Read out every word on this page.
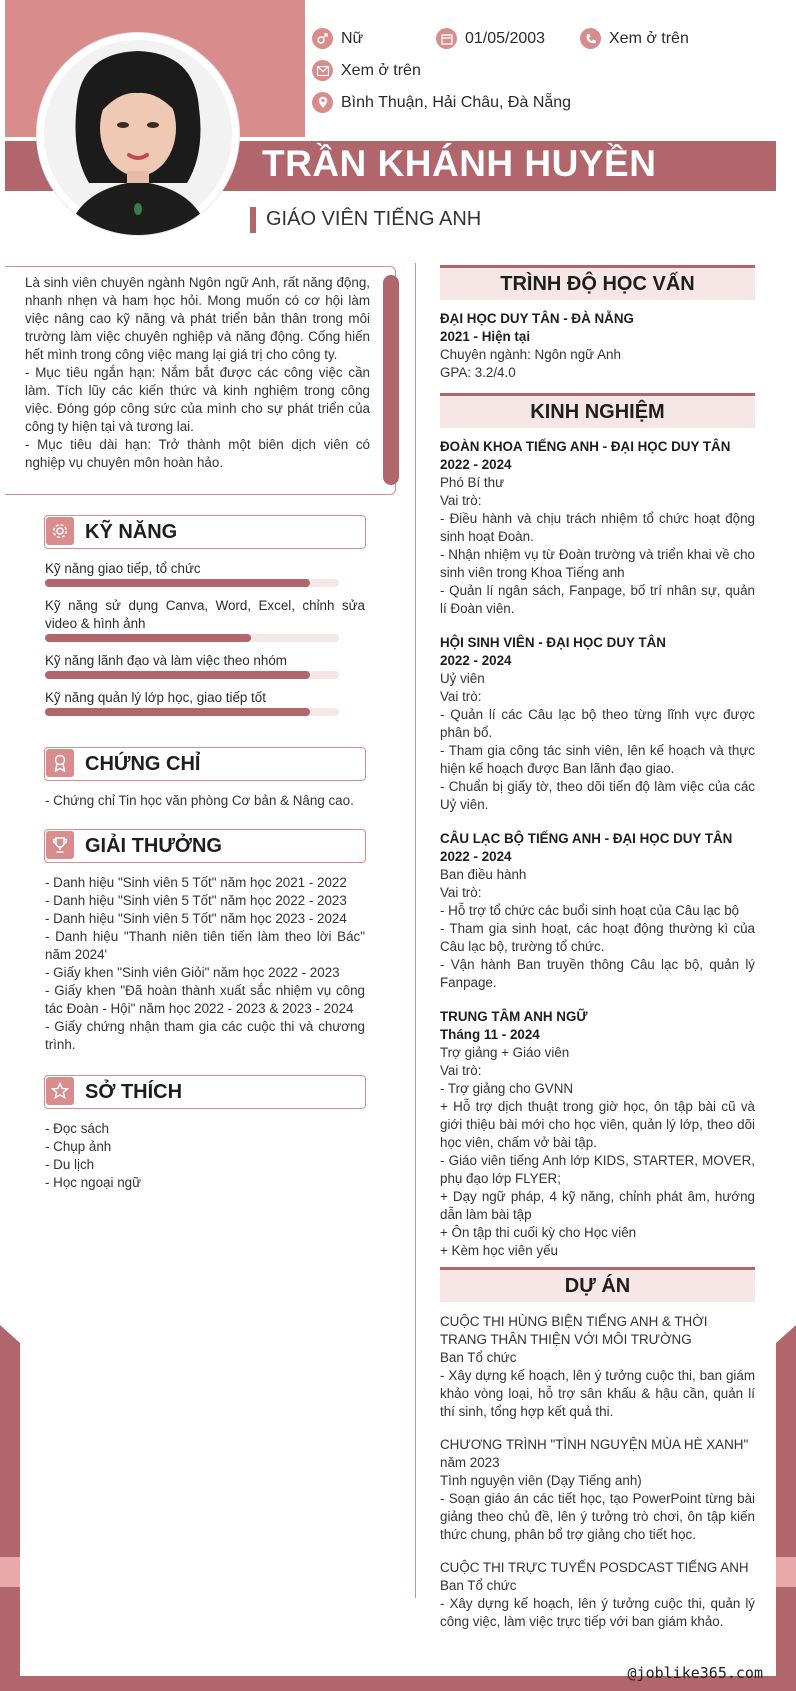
Nữ	01/05/2003	Xem ở trên
Xem ở trên
Bình Thuận, Hải Châu, Đà Nẵng
TRẦN KHÁNH HUYỀN
GIÁO VIÊN TIẾNG ANH
Là sinh viên chuyên ngành Ngôn ngữ Anh, rất năng động, nhanh nhẹn và ham học hỏi. Mong muốn có cơ hội làm việc nâng cao kỹ năng và phát triển bản thân trong môi trường làm việc chuyên nghiệp và năng động. Cống hiến hết mình trong công việc mang lại giá trị cho công ty.
- Mục tiêu ngắn hạn: Nắm bắt được các công việc cần làm. Tích lũy các kiến thức và kinh nghiệm trong công việc. Đóng góp công sức của mình cho sự phát triển của công ty hiện tại và tương lai.
- Mục tiêu dài hạn: Trở thành một biên dịch viên có nghiệp vụ chuyên môn hoàn hảo.
KỸ NĂNG
Kỹ năng giao tiếp, tổ chức
Kỹ năng sử dụng Canva, Word, Excel, chỉnh sửa video & hình ảnh
Kỹ năng lãnh đạo và làm việc theo nhóm
Kỹ năng quản lý lớp học, giao tiếp tốt
CHỨNG CHỈ
- Chứng chỉ Tin học văn phòng Cơ bản & Nâng cao.
GIẢI THƯỞNG
- Danh hiệu "Sinh viên 5 Tốt" năm học 2021 - 2022
- Danh hiệu "Sinh viên 5 Tốt" năm học 2022 - 2023
- Danh hiệu "Sinh viên 5 Tốt" năm học 2023 - 2024
- Danh hiệu "Thanh niên tiên tiến làm theo lời Bác" năm 2024'
- Giấy khen "Sinh viên Giỏi" năm học 2022 - 2023
- Giấy khen "Đã hoàn thành xuất sắc nhiệm vụ công tác Đoàn - Hội" năm học 2022 - 2023 & 2023 - 2024
- Giấy chứng nhận tham gia các cuộc thi và chương trình.
SỞ THÍCH
- Đọc sách
- Chụp ảnh
- Du lịch
- Học ngoại ngữ
TRÌNH ĐỘ HỌC VẤN
ĐẠI HỌC DUY TÂN - ĐÀ NẴNG
2021 - Hiện tại
Chuyên ngành: Ngôn ngữ Anh
GPA: 3.2/4.0
KINH NGHIỆM
ĐOÀN KHOA TIẾNG ANH - ĐẠI HỌC DUY TÂN
2022 - 2024
Phó Bí thư
Vai trò:
- Điều hành và chịu trách nhiệm tổ chức hoạt động sinh hoạt Đoàn.
- Nhận nhiệm vụ từ Đoàn trường và triển khai về cho sinh viên trong Khoa Tiếng anh
- Quản lí ngân sách, Fanpage, bố trí nhân sự, quản lí Đoàn viên.
HỘI SINH VIÊN - ĐẠI HỌC DUY TÂN
2022 - 2024
Uỷ viên
Vai trò:
- Quản lí các Câu lạc bộ theo từng lĩnh vực được phân bổ.
- Tham gia công tác sinh viên, lên kế hoạch và thực hiện kế hoạch được Ban lãnh đạo giao.
- Chuẩn bị giấy tờ, theo dõi tiến độ làm việc của các Uỷ viên.
CÂU LẠC BỘ TIẾNG ANH - ĐẠI HỌC DUY TÂN
2022 - 2024
Ban điều hành
Vai trò:
- Hỗ trợ tổ chức các buổi sinh hoạt của Câu lạc bộ
- Tham gia sinh hoạt, các hoạt động thường kì của Câu lạc bộ, trường tổ chức.
- Vận hành Ban truyền thông Câu lạc bộ, quản lý Fanpage.
TRUNG TÂM ANH NGỮ
Tháng 11 - 2024
Trợ giảng + Giáo viên
Vai trò:
- Trợ giảng cho GVNN
+ Hỗ trợ dịch thuật trong giờ học, ôn tập bài cũ và giới thiệu bài mới cho học viên, quản lý lớp, theo dõi học viên, chấm vở bài tập.
- Giáo viên tiếng Anh lớp KIDS, STARTER, MOVER, phụ đạo lớp FLYER;
+ Dạy ngữ pháp, 4 kỹ năng, chỉnh phát âm, hướng dẫn làm bài tập
+ Ôn tập thi cuối kỳ cho Học viên
+ Kèm học viên yếu
DỰ ÁN
CUỘC THI HÙNG BIỆN TIẾNG ANH & THỜI TRANG THÂN THIỆN VỚI MÔI TRƯỜNG
Ban Tổ chức
- Xây dựng kế hoạch, lên ý tưởng cuộc thi, ban giám khảo vòng loại, hỗ trợ sân khấu & hậu cần, quản lí thí sinh, tổng hợp kết quả thi.
CHƯƠNG TRÌNH "TÌNH NGUYỆN MÙA HÈ XANH" năm 2023
Tình nguyện viên (Dạy Tiếng anh)
- Soạn giáo án các tiết học, tạo PowerPoint từng bài giảng theo chủ đề, lên ý tưởng trò chơi, ôn tập kiến thức chung, phân bổ trợ giảng cho tiết học.
CUỘC THI TRỰC TUYẾN POSDCAST TIẾNG ANH
Ban Tổ chức
- Xây dựng kế hoạch, lên ý tưởng cuộc thi, quản lý công việc, làm việc trực tiếp với ban giám khảo.
@joblike365.com
